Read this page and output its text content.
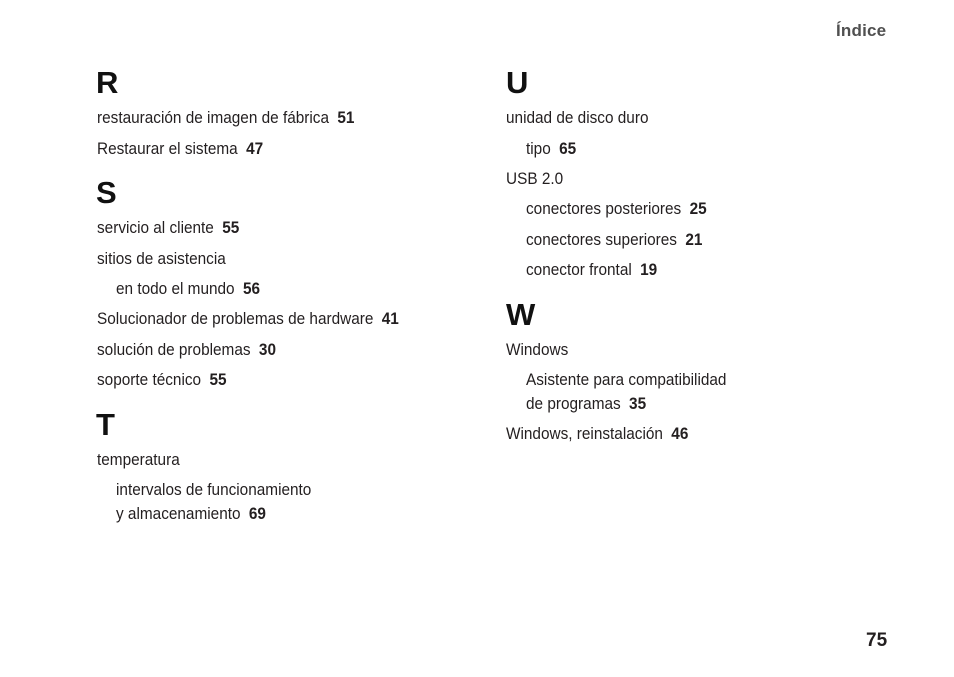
Índice
R
restauración de imagen de fábrica 51
Restaurar el sistema 47
S
servicio al cliente 55
sitios de asistencia
en todo el mundo 56
Solucionador de problemas de hardware 41
solución de problemas 30
soporte técnico 55
T
temperatura
intervalos de funcionamiento
y almacenamiento 69
U
unidad de disco duro
tipo 65
USB 2.0
conectores posteriores 25
conectores superiores 21
conector frontal 19
W
Windows
Asistente para compatibilidad
de programas 35
Windows, reinstalación 46
75
